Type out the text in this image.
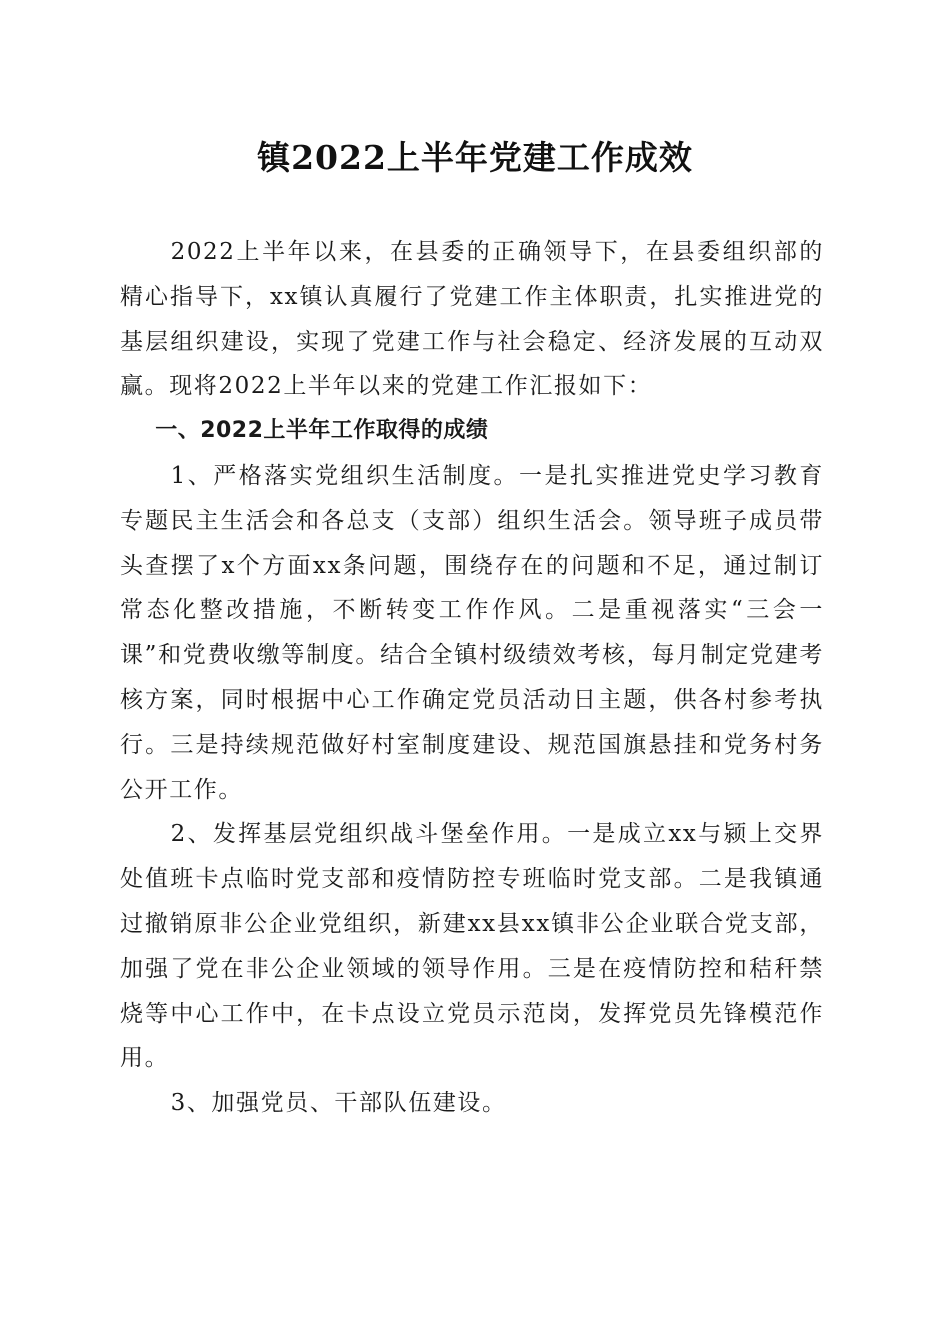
镇2022上半年党建工作成效

2022上半年以来，在县委的正确领导下，在县委组织部的精心指导下，xx镇认真履行了党建工作主体职责，扎实推进党的基层组织建设，实现了党建工作与社会稳定、经济发展的互动双赢。现将2022上半年以来的党建工作汇报如下：

一、2022上半年工作取得的成绩

1、严格落实党组织生活制度。一是扎实推进党史学习教育专题民主生活会和各总支（支部）组织生活会。领导班子成员带头查摆了x个方面xx条问题，围绕存在的问题和不足，通过制订常态化整改措施，不断转变工作作风。二是重视落实“三会一课”和党费收缴等制度。结合全镇村级绩效考核，每月制定党建考核方案，同时根据中心工作确定党员活动日主题，供各村参考执行。三是持续规范做好村室制度建设、规范国旗悬挂和党务村务公开工作。

2、发挥基层党组织战斗堡垒作用。一是成立xx与颍上交界处值班卡点临时党支部和疫情防控专班临时党支部。二是我镇通过撤销原非公企业党组织，新建xx县xx镇非公企业联合党支部，加强了党在非公企业领域的领导作用。三是在疫情防控和秸秆禁烧等中心工作中，在卡点设立党员示范岗，发挥党员先锋模范作用。

3、加强党员、干部队伍建设。
